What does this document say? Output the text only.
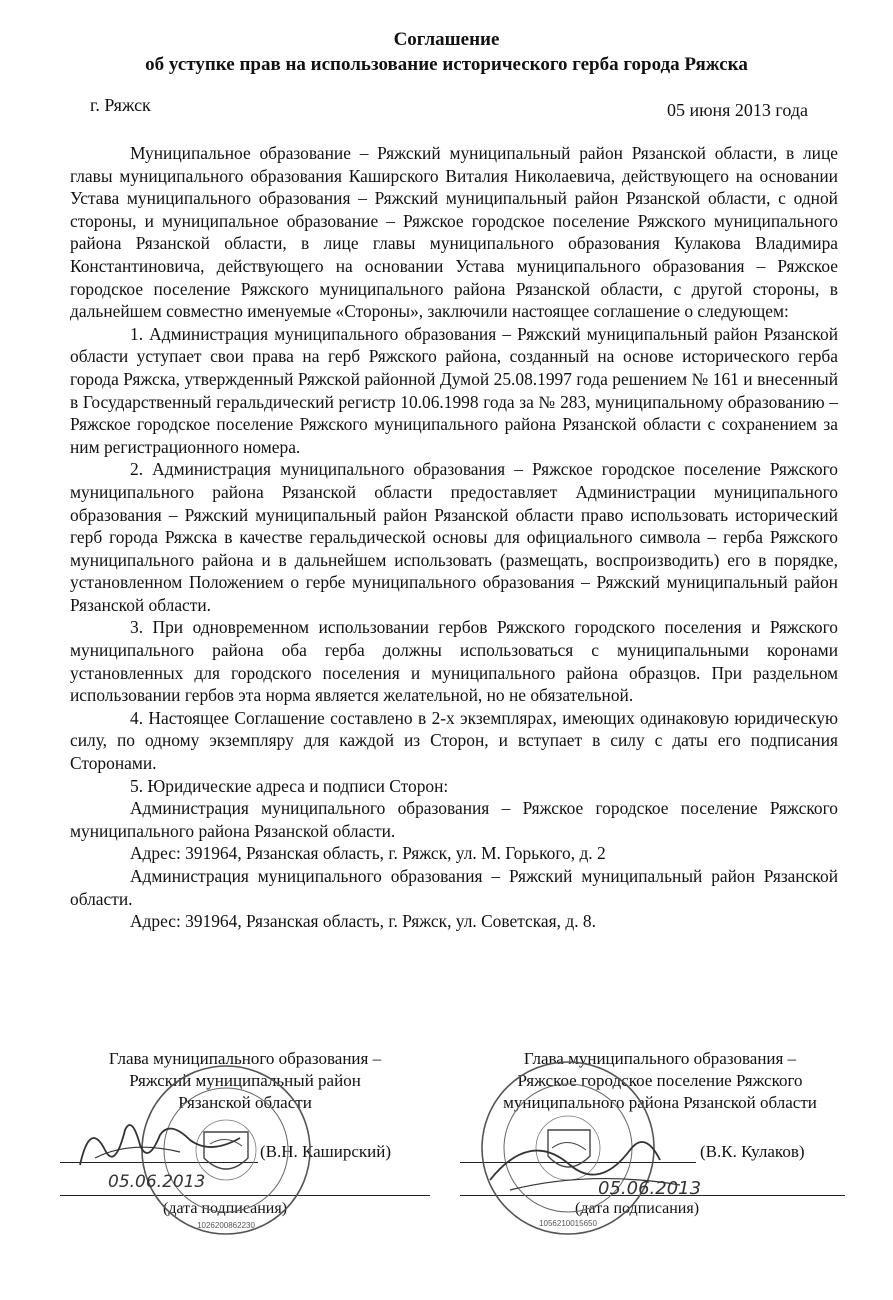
Соглашение
об уступке прав на использование исторического герба города Ряжска
г. Ряжск	05 июня 2013 года

Муниципальное образование – Ряжский муниципальный район Рязанской области, в лице главы муниципального образования Каширского Виталия Николаевича, действующего на основании Устава муниципального образования – Ряжский муниципальный район Рязанской области, с одной стороны, и муниципальное образование – Ряжское городское поселение Ряжского муниципального района Рязанской области, в лице главы муниципального образования Кулакова Владимира Константиновича, действующего на основании Устава муниципального образования – Ряжское городское поселение Ряжского муниципального района Рязанской области, с другой стороны, в дальнейшем совместно именуемые «Стороны», заключили настоящее соглашение о следующем:

1. Администрация муниципального образования – Ряжский муниципальный район Рязанской области уступает свои права на герб Ряжского района, созданный на основе исторического герба города Ряжска, утвержденный Ряжской районной Думой 25.08.1997 года решением № 161 и внесенный в Государственный геральдический регистр 10.06.1998 года за № 283, муниципальному образованию – Ряжское городское поселение Ряжского муниципального района Рязанской области с сохранением за ним регистрационного номера.

2. Администрация муниципального образования – Ряжское городское поселение Ряжского муниципального района Рязанской области предоставляет Администрации муниципального образования – Ряжский муниципальный район Рязанской области право использовать исторический герб города Ряжска в качестве геральдической основы для официального символа – герба Ряжского муниципального района и в дальнейшем использовать (размещать, воспроизводить) его в порядке, установленном Положением о гербе муниципального образования – Ряжский муниципальный район Рязанской области.

3. При одновременном использовании гербов Ряжского городского поселения и Ряжского муниципального района оба герба должны использоваться с муниципальными коронами установленных для городского поселения и муниципального района образцов. При раздельном использовании гербов эта норма является желательной, но не обязательной.

4. Настоящее Соглашение составлено в 2-х экземплярах, имеющих одинаковую юридическую силу, по одному экземпляру для каждой из Сторон, и вступает в силу с даты его подписания Сторонами.

5. Юридические адреса и подписи Сторон:

Администрация муниципального образования – Ряжское городское поселение Ряжского муниципального района Рязанской области.

Адрес: 391964, Рязанская область, г. Ряжск, ул. М. Горького, д. 2

Администрация муниципального образования – Ряжский муниципальный район Рязанской области.

Адрес: 391964, Рязанская область, г. Ряжск, ул. Советская, д. 8.

Глава муниципального образования –
Ряжский муниципальный район
Рязанской области
(В.Н. Каширский)
(дата подписания)
Глава муниципального образования –
Ряжское городское поселение Ряжского
муниципального района Рязанской области
(В.К. Кулаков)
(дата подписания)
1026200862230	1056210015650
05.06.2013	05.06.2013
